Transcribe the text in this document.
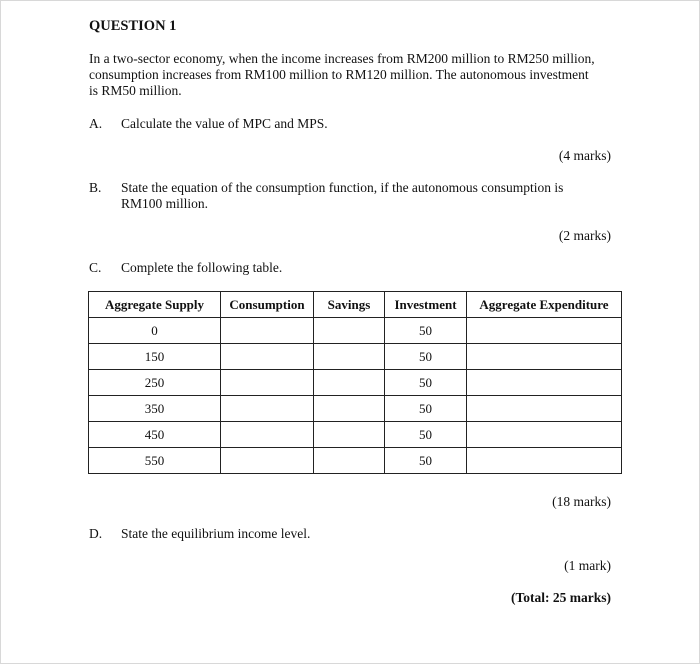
QUESTION 1
In a two-sector economy, when the income increases from RM200 million to RM250 million,
consumption increases from RM100 million to RM120 million. The autonomous investment
is RM50 million.
A. Calculate the value of MPC and MPS.
(4 marks)
B. State the equation of the consumption function, if the autonomous consumption is
RM100 million.
(2 marks)
C. Complete the following table.
Aggregate Supply	Consumption	Savings	Investment	Aggregate Expenditure
0			50	
150			50	
250			50	
350			50	
450			50	
550			50	
(18 marks)
D. State the equilibrium income level.
(1 mark)
(Total: 25 marks)
